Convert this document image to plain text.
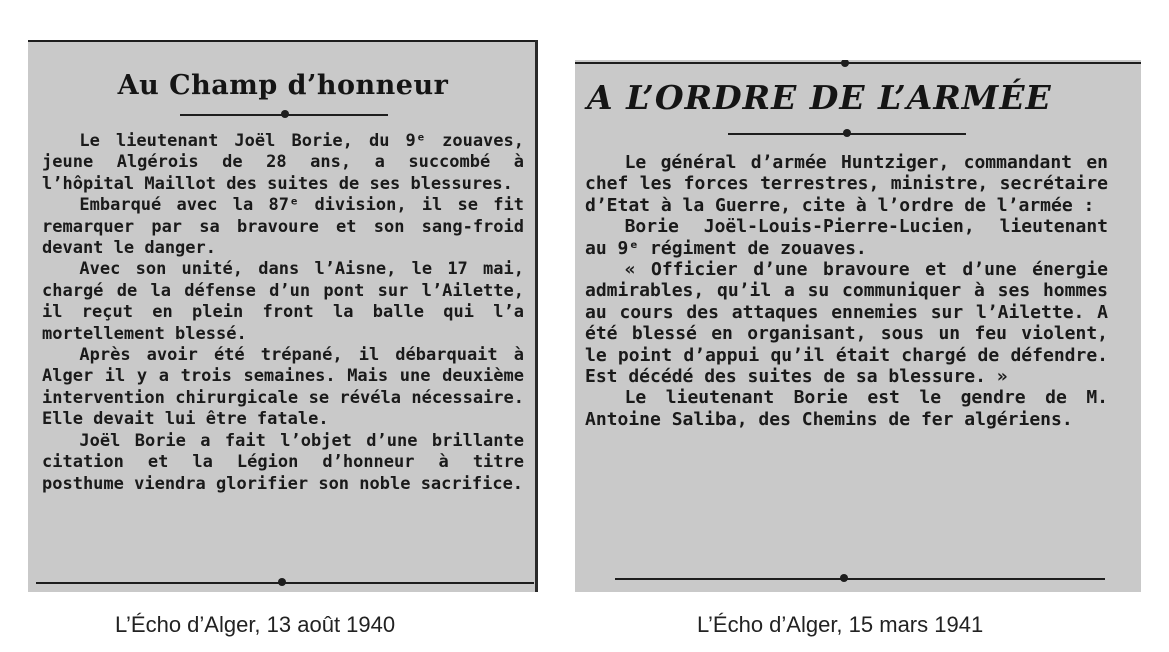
Au Champ d’honneur

Le lieutenant Joël Borie, du 9ᵉ zouaves, jeune Algérois de 28 ans, a succombé à l’hôpital Maillot des suites de ses blessures.

Embarqué avec la 87ᵉ division, il se fit remarquer par sa bravoure et son sang-froid devant le danger.

Avec son unité, dans l’Aisne, le 17 mai, chargé de la défense d’un pont sur l’Ailette, il reçut en plein front la balle qui l’a mortellement blessé.

Après avoir été trépané, il débarquait à Alger il y a trois semaines. Mais une deuxième intervention chirurgicale se révéla nécessaire. Elle devait lui être fatale.

Joël Borie a fait l’objet d’une brillante citation et la Légion d’honneur à titre posthume viendra glorifier son noble sacrifice.

A L’ORDRE DE L’ARMÉE

Le général d’armée Huntziger, commandant en chef les forces terrestres, ministre, secrétaire d’Etat à la Guerre, cite à l’ordre de l’armée :

Borie Joël-Louis-Pierre-Lucien, lieutenant au 9ᵉ régiment de zouaves.

« Officier d’une bravoure et d’une énergie admirables, qu’il a su communiquer à ses hommes au cours des attaques ennemies sur l’Ailette. A été blessé en organisant, sous un feu violent, le point d’appui qu’il était chargé de défendre. Est décédé des suites de sa blessure. »

Le lieutenant Borie est le gendre de M. Antoine Saliba, des Chemins de fer algériens.

L’Écho d’Alger, 13 août 1940	L’Écho d’Alger, 15 mars 1941
